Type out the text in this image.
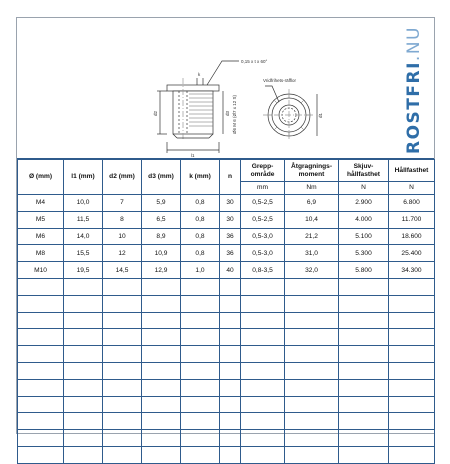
0,15 x t x 60°
Vridfrihets-räfflor
d2	d3 Ø6 M 6 (Ø7 x 12 S)
k
l1
d1	ROSTFRI.NU
Ø (mm)	l1 (mm)	d2 (mm)	d3 (mm)	k (mm)	n	Grepp-område	Åtgragnings-moment	Skjuv-hållfasthet	Hållfasthet
						mm	Nm	N	N
M4	10,0	7	5,9	0,8	30	0,5-2,5	6,9	2.900	6.800
M5	11,5	8	6,5	0,8	30	0,5-2,5	10,4	4.000	11.700
M6	14,0	10	8,9	0,8	36	0,5-3,0	21,2	5.100	18.600
M8	15,5	12	10,9	0,8	36	0,5-3,0	31,0	5.300	25.400
M10	19,5	14,5	12,9	1,0	40	0,8-3,5	32,0	5.800	34.300
